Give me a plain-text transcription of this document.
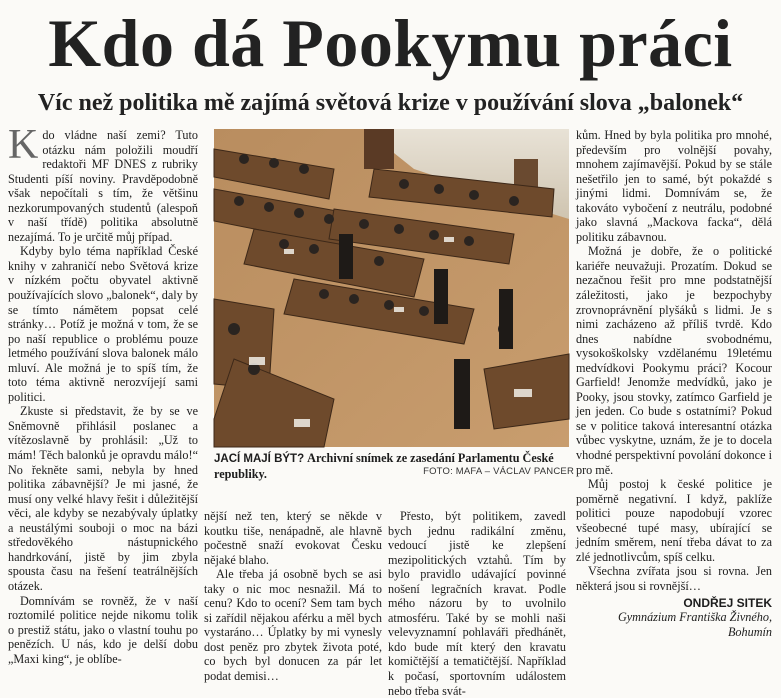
Kdo dá Pookymu práci
Víc než politika mě zajímá světová krize v používání slova „balonek“

Kdo vládne naší zemi? Tuto otázku nám položili moudří redaktoři MF DNES z rubriky Studenti píší noviny. Pravděpodobně však nepočítali s tím, že většinu nezkorumpovaných studentů (alespoň v naší třídě) politika absolutně nezajímá. To je určitě můj případ.

Kdyby bylo téma například České knihy v zahraničí nebo Světová krize v nízkém počtu obyvatel aktivně používajících slovo „balonek“, daly by se tímto námětem popsat celé stránky… Potíž je možná v tom, že se po naší republice o problému pouze letmého používání slova balonek málo mluví. Ale možná je to spíš tím, že toto téma aktivně nerozvíjejí sami politici.

Zkuste si představit, že by se ve Sněmovně přihlásil poslanec a vítězoslavně by prohlásil: „Už to mám! Těch balonků je opravdu málo!“ No řekněte sami, nebyla by hned politika zábavnější? Je mi jasné, že musí ony velké hlavy řešit i důležitější věci, ale kdyby se nezabývaly úplatky a neustálými souboji o moc na bázi středověkého nástupnického handrkování, jistě by jim zbyla spousta času na řešení teatrálnějších otázek.

Domnívám se rovněž, že v naší roztomilé politice nejde nikomu tolik o prestiž státu, jako o vlastní touhu po penězích. U nás, kdo je delší dobu „Maxi king“, je oblíbe-

JACÍ MAJÍ BÝT? Archivní snímek ze zasedání Parlamentu České republiky.	FOTO: MAFA – VÁCLAV PANCER

nější než ten, který se někde v koutku tiše, nenápadně, ale hlavně počestně snaží evokovat Česku nějaké blaho.

Ale třeba já osobně bych se asi taky o nic moc nesnažil. Má to cenu? Kdo to ocení? Sem tam bych si zařídil nějakou aférku a měl bych vystaráno… Úplatky by mi vynesly dost peněz pro zbytek života poté, co bych byl donucen za pár let podat demisi…

Přesto, být politikem, zavedl bych jednu radikální změnu, vedoucí jistě ke zlepšení mezipolitických vztahů. Tím by bylo pravidlo udávající povinné nošení legračních kravat. Podle mého názoru by to uvolnilo atmosféru. Také by se mohli naši velevyznamní pohlaváři předhánět, kdo bude mít který den kravatu komičtější a tematičtější. Například k počasí, sportovním událostem nebo třeba svát-

kům. Hned by byla politika pro mnohé, především pro volnější povahy, mnohem zajímavější. Pokud by se stále nešetřilo jen to samé, být pokaždé s jinými lidmi. Domnívám se, že takováto vybočení z neutrálu, podobné jako slavná „Mackova facka“, dělá politiku zábavnou.

Možná je dobře, že o politické kariéře neuvažuji. Prozatím. Dokud se nezačnou řešit pro mne podstatnější záležitosti, jako je bezpochyby zrovnoprávnění plyšáků s lidmi. Je s nimi zacházeno až příliš tvrdě. Kdo dnes nabídne svobodnému, vysokoškolsky vzdělanému 19letému medvídkovi Pookymu práci? Kocour Garfield! Jenomže medvídků, jako je Pooky, jsou stovky, zatímco Garfield je jen jeden. Co bude s ostatními? Pokud se v politice taková interesantní otázka vůbec vyskytne, uznám, že je to docela vhodné perspektivní povolání dokonce i pro mě.

Můj postoj k české politice je poměrně negativní. I když, paklíže politici pouze napodobují vzorec všeobecné tupé masy, ubírající se jedním směrem, není třeba dávat to za zlé jednotlivcům, spíš celku.

Všechna zvířata jsou si rovna. Jen některá jsou si rovnější…

ONDŘEJ SITEK
Gymnázium Františka Živného,
Bohumín
